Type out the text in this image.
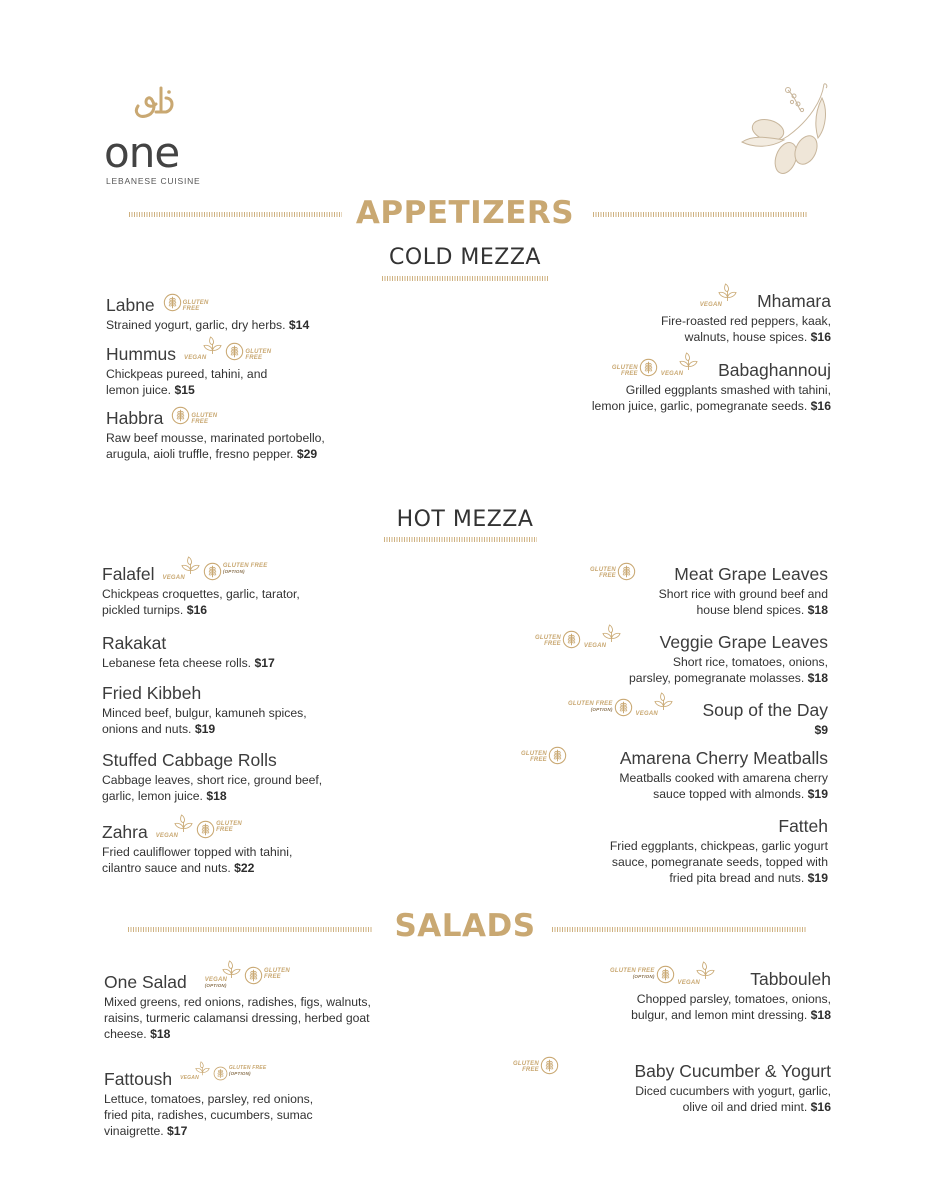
one
LEBANESE CUISINE
APPETIZERS
COLD MEZZA
Labne	GLUTEN
FREE
Strained yogurt, garlic, dry herbs. $14
Hummus VEGAN
GLUTEN
FREE
Chickpeas pureed, tahini, and lemon juice. $15
Habbra	GLUTEN
FREE
Raw beef mousse, marinated portobello, arugula, aioli truffle, fresno pepper. $29
VEGAN Mhamara
Fire-roasted red peppers, kaak, walnuts, house spices. $16
GLUTEN
FREE	VEGAN Babaghannouj
Grilled eggplants smashed with tahini, lemon juice, garlic, pomegranate seeds. $16
HOT MEZZA
Falafel VEGAN
GLUTEN FREE
(OPTION)
Chickpeas croquettes, garlic, tarator, pickled turnips. $16
Rakakat
Lebanese feta cheese rolls. $17
Fried Kibbeh
Minced beef, bulgur, kamuneh spices, onions and nuts. $19
Stuffed Cabbage Rolls
Cabbage leaves, short rice, ground beef, garlic, lemon juice. $18
Zahra VEGAN
GLUTEN
FREE
Fried cauliflower topped with tahini, cilantro sauce and nuts. $22
GLUTEN
FREE	Meat Grape Leaves
Short rice with ground beef and house blend spices. $18
GLUTEN
FREE	VEGAN	Veggie Grape Leaves
Short rice, tomatoes, onions, parsley, pomegranate molasses. $18
GLUTEN FREE
(OPTION)
VEGAN	Soup of the Day
$9
GLUTEN
FREE	Amarena Cherry Meatballs
Meatballs cooked with amarena cherry sauce topped with almonds. $19
Fatteh
Fried eggplants, chickpeas, garlic yogurt sauce, pomegranate seeds, topped with fried pita bread and nuts. $19
SALADS
One Salad	VEGAN
(OPTION)
GLUTEN
FREE
Mixed greens, red onions, radishes, figs, walnuts, raisins, turmeric calamansi dressing, herbed goat cheese. $18
Fattoush VEGAN
GLUTEN FREE
(OPTION)
Lettuce, tomatoes, parsley, red onions, fried pita, radishes, cucumbers, sumac vinaigrette. $17
GLUTEN FREE
(OPTION)
VEGAN	Tabbouleh
Chopped parsley, tomatoes, onions, bulgur, and lemon mint dressing. $18
GLUTEN
FREE	Baby Cucumber & Yogurt
Diced cucumbers with yogurt, garlic, olive oil and dried mint. $16
